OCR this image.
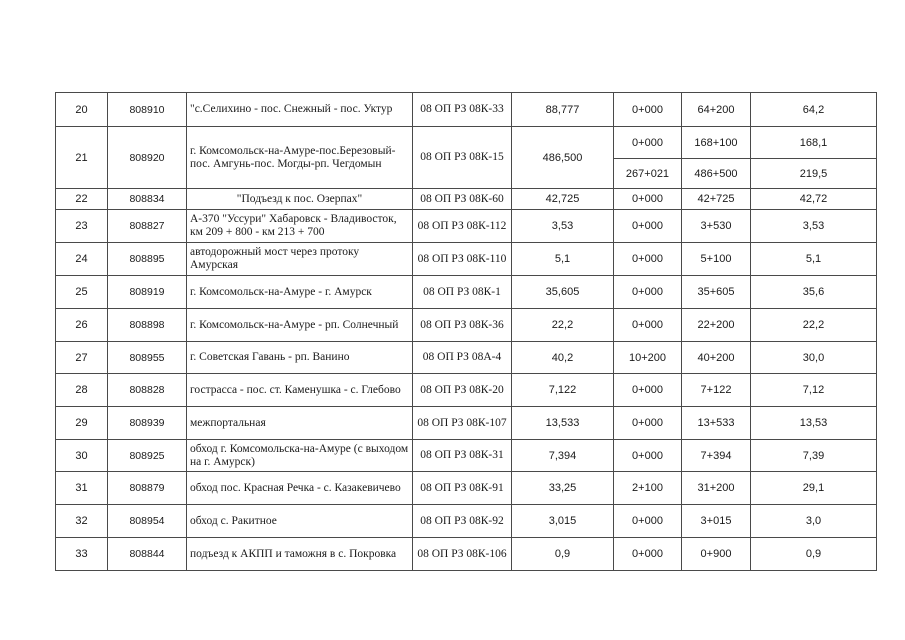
20	808910	"с.Селихино - пос. Снежный - пос. Уктур	08 ОП РЗ 08К-33	88,777	0+000	64+200	64,2
21	808920	г. Комсомольск-на-Амуре-пос.Березовый-пос. Амгунь-пос. Могды-рп. Чегдомын	08 ОП РЗ 08К-15	486,500	0+000	168+100	168,1
					267+021	486+500	219,5
22	808834	"Подъезд к пос. Озерпах"	08 ОП РЗ 08К-60	42,725	0+000	42+725	42,72
23	808827	А-370 "Уссури" Хабаровск - Владивосток, км 209 + 800 - км 213 + 700	08 ОП РЗ 08К-112	3,53	0+000	3+530	3,53
24	808895	автодорожный мост через протоку Амурская	08 ОП РЗ 08К-110	5,1	0+000	5+100	5,1
25	808919	г. Комсомольск-на-Амуре - г. Амурск	08 ОП РЗ 08К-1	35,605	0+000	35+605	35,6
26	808898	г. Комсомольск-на-Амуре - рп. Солнечный	08 ОП РЗ 08К-36	22,2	0+000	22+200	22,2
27	808955	г. Советская Гавань - рп. Ванино	08 ОП РЗ 08А-4	40,2	10+200	40+200	30,0
28	808828	гострасса - пос. ст. Каменушка - с. Глебово	08 ОП РЗ 08К-20	7,122	0+000	7+122	7,12
29	808939	межпортальная	08 ОП РЗ 08К-107	13,533	0+000	13+533	13,53
30	808925	обход г. Комсомольска-на-Амуре (с выходом на г. Амурск)	08 ОП РЗ 08К-31	7,394	0+000	7+394	7,39
31	808879	обход пос. Красная Речка - с. Казакевичево	08 ОП РЗ 08К-91	33,25	2+100	31+200	29,1
32	808954	обход с. Ракитное	08 ОП РЗ 08К-92	3,015	0+000	3+015	3,0
33	808844	подъезд к АКПП и таможня в с. Покровка	08 ОП РЗ 08К-106	0,9	0+000	0+900	0,9
